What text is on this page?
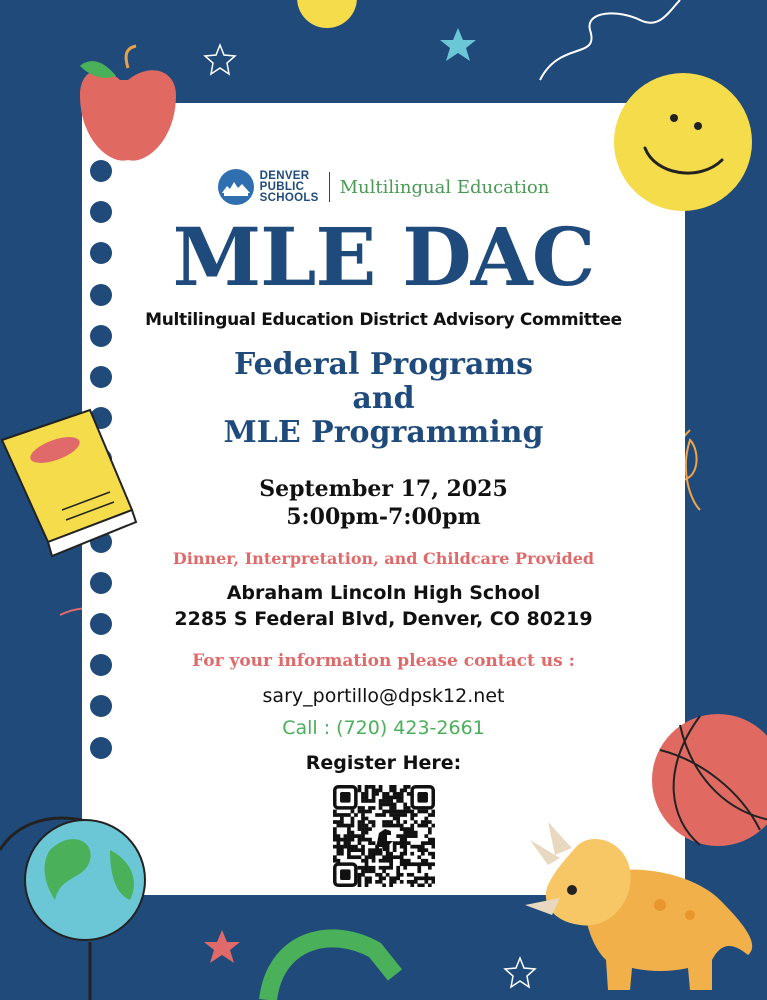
DENVER
PUBLIC
SCHOOLS Multilingual Education
MLE DAC
Multilingual Education District Advisory Committee
Federal Programs
and
MLE Programming
September 17, 2025
5:00pm-7:00pm
Dinner, Interpretation, and Childcare Provided
Abraham Lincoln High School
2285 S Federal Blvd, Denver, CO 80219
For your information please contact us :
sary_portillo@dpsk12.net
Call : (720) 423-2661
Register Here:
